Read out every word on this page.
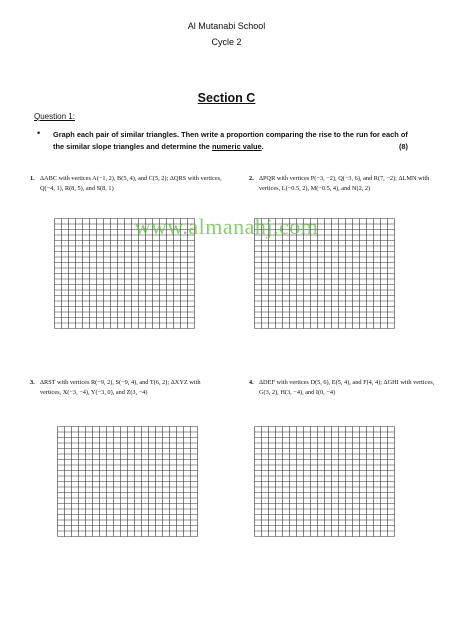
Al Mutanabi School
Cycle 2
Section C
Question 1:
• Graph each pair of similar triangles. Then write a proportion comparing the rise to the run for each of the similar slope triangles and determine the numeric value.	(8)
1. ΔABC with vertices A(−1, 2), B(5, 4), and C(5, 2); ΔQRS with vertices, Q(−4, 1), R(8, 5), and S(8, 1)
2. ΔPQR with vertices P(−3, −2), Q(−3, 6), and R(7, −2); ΔLMN with vertices, L(−0.5, 2), M(−0.5, 4), and N(2, 2)
3. ΔRST with vertices R(−9, 2), S(−9, 4), and T(6, 2); ΔXYZ with vertices, X(−3, −4), Y(−3, 0), and Z(3, −4)
4. ΔDEF with vertices D(5, 6), E(5, 4), and F(4, 4); ΔGHI with vertices, G(3, 2), H(3, −4), and I(0, −4)
www.almanahj.com
